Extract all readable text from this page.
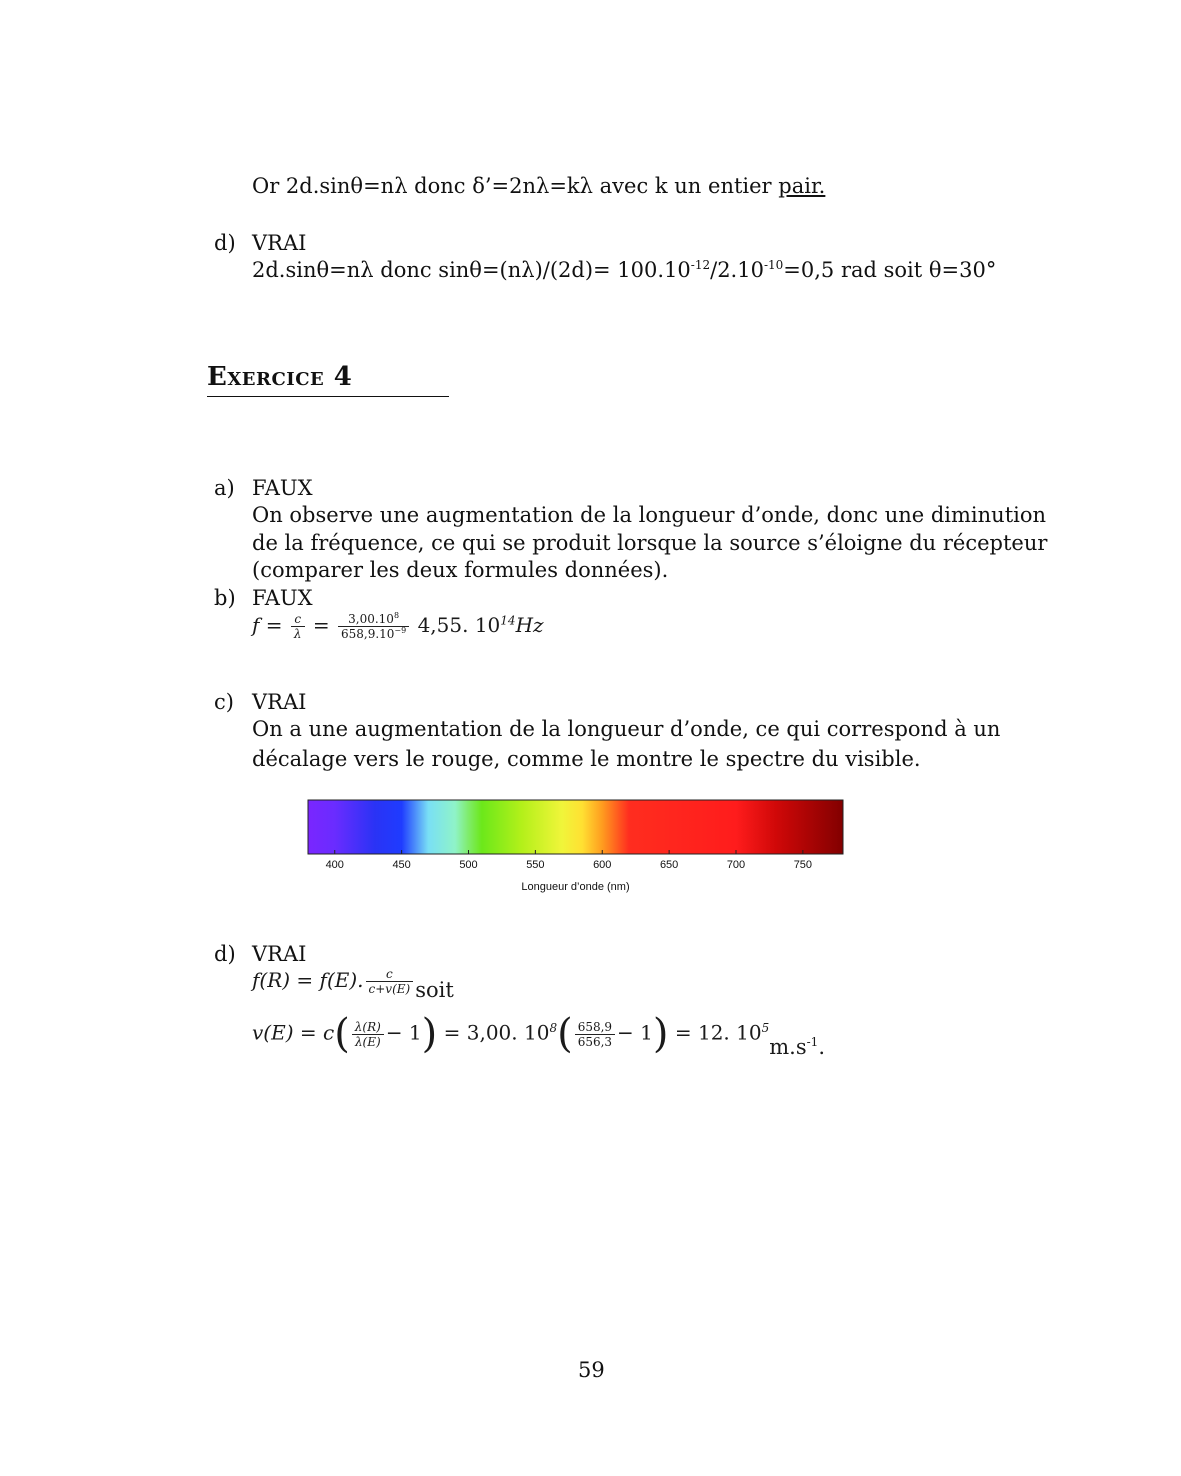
Or 2d.sinθ=nλ donc δ’=2nλ=kλ avec k un entier pair.
d) VRAI
2d.sinθ=nλ donc $\sin\theta=(n\lambda)/(2d)= 100.10^{-12}/2.10^{-10}=0,5$ rad soit θ=30°
Exercice 4
a) FAUX
On observe une augmentation de la longueur d’onde, donc une diminution
de la fréquence, ce qui se produit lorsque la source s’éloigne du récepteur
(comparer les deux formules données).
b) FAUX
$f = \frac{c}{\lambda} = \frac{3,00.10^8}{658,9.10^{-9}} 4,55$. $10^{14}Hz$
c) VRAI
On a une augmentation de la longueur d’onde, ce qui correspond à un
décalage vers le rouge, comme le montre le spectre du visible.
400	450	500	550	600	650	700	750
Longueur d’onde (nm)
d) VRAI
f(R) = f(E). $\frac{c}{c+v(E)}$ soit
$v(E) = c( \frac{\lambda(R)}{\lambda(E)} - 1) = 3,00$. $10^8( \frac{658,9}{656,3} - 1) = 12$. $10^5m.s^{-1}$.
59
